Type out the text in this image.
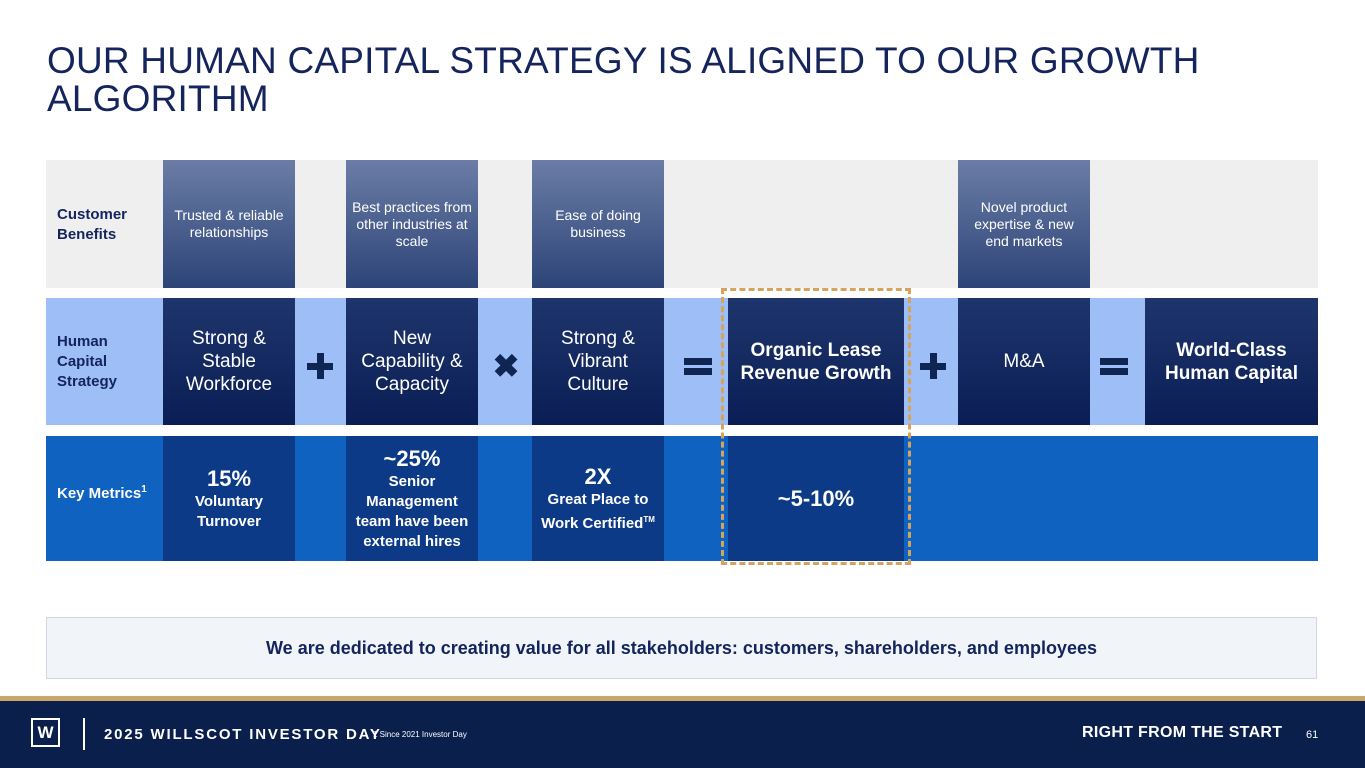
OUR HUMAN CAPITAL STRATEGY IS ALIGNED TO OUR GROWTH ALGORITHM
Customer Benefits
Human Capital Strategy
Key Metrics$^1$
Trusted & reliable relationships
Best practices from other industries at scale
Ease of doing business
Novel product expertise & new end markets
Strong & Stable Workforce
New Capability & Capacity
Strong & Vibrant Culture
Organic Lease Revenue Growth
M&A
World-Class Human Capital
✖
15%
Voluntary Turnover
~25%
Senior Management team have been external hires
2X
Great Place to Work Certified™
~5-10%
We are dedicated to creating value for all stakeholders: customers, shareholders, and employees
W	2025 WILLSCOT INVESTOR DAY
1 Since 2021 Investor Day	RIGHT FROM THE START 61
